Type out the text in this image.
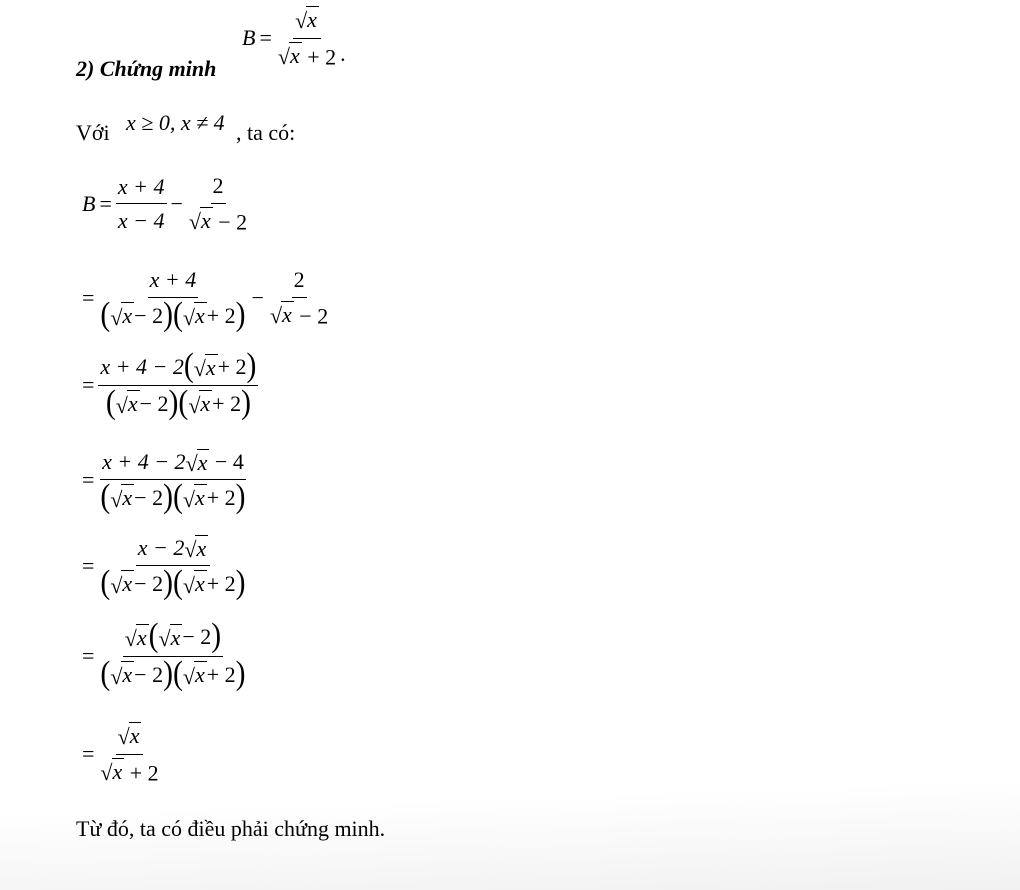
2) Chứng minh
$B = \frac{√ x}{√ x + 2}$ .
Với x ≥ 0, x ≠ 4 , ta có:
$B = \frac{x + 4}{x - 4} - \frac{2}{√ x - 2}$
= $\frac{x + 4}{( √ x - 2 ) ( √ x + 2 )} - \frac{2}{√ x - 2}$
= $\frac{x + 4 - 2 ( √ x + 2 )}{( √ x - 2 ) ( √ x + 2 )}$
= x + 4 − 2 √ x
− 4
( √ x − 2 ) ( √ x + 2 )
= $\frac{x - 2 √ x}{( √ x - 2 ) ( √ x + 2 )}$
= $\frac{√ x ( √ x - 2 )}{( √ x - 2 ) ( √ x + 2 )}$
= $\frac{√ x}{√ x + 2}$
Từ đó, ta có điều phải chứng minh.
